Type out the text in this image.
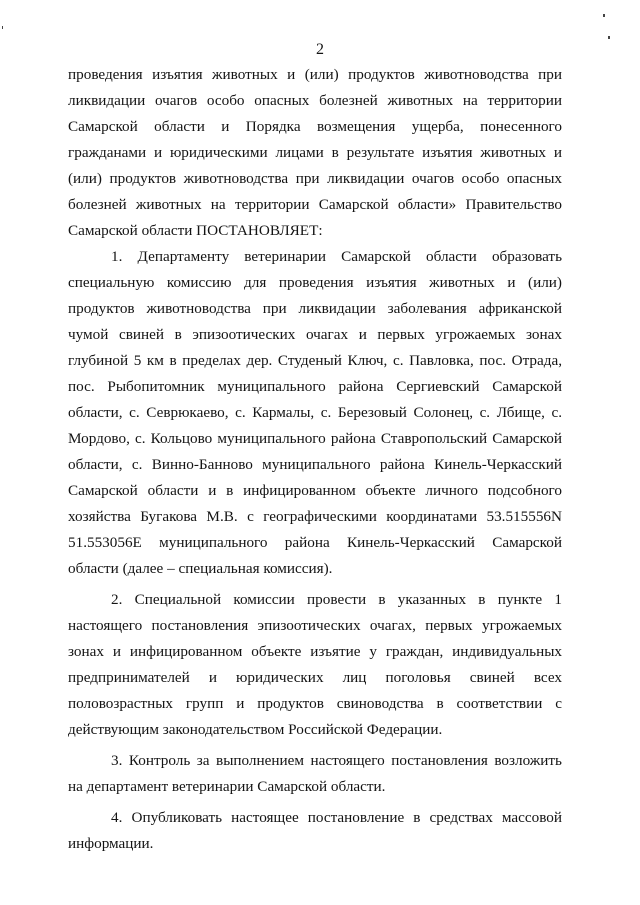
2

проведения изъятия животных и (или) продуктов животноводства при ликвидации очагов особо опасных болезней животных на территории Самарской области и Порядка возмещения ущерба, понесенного гражданами и юридическими лицами в результате изъятия животных и (или) продуктов животноводства при ликвидации очагов особо опасных болезней животных на территории Самарской области» Правительство Самарской области ПОСТАНОВЛЯЕТ:

1. Департаменту ветеринарии Самарской области образовать специальную комиссию для проведения изъятия животных и (или) продуктов животноводства при ликвидации заболевания африканской чумой свиней в эпизоотических очагах и первых угрожаемых зонах глубиной 5 км в пределах дер. Студеный Ключ, с. Павловка, пос. Отрада, пос. Рыбопитомник муниципального района Сергиевский Самарской области, с. Севрюкаево, с. Кармалы, с. Березовый Солонец, с. Лбище, с. Мордово, с. Кольцово муниципального района Ставропольский Самарской области, с. Винно-Банново муниципального района Кинель-Черкасский Самарской области и в инфицированном объекте личного подсобного хозяйства Бугакова М.В. с географическими координатами 53.515556N 51.553056E муниципального района Кинель-Черкасский Самарской области (далее – специальная комиссия).

2. Специальной комиссии провести в указанных в пункте 1 настоящего постановления эпизоотических очагах, первых угрожаемых зонах и инфицированном объекте изъятие у граждан, индивидуальных предпринимателей и юридических лиц поголовья свиней всех половозрастных групп и продуктов свиноводства в соответствии с действующим законодательством Российской Федерации.

3. Контроль за выполнением настоящего постановления возложить на департамент ветеринарии Самарской области.

4. Опубликовать настоящее постановление в средствах массовой информации.
